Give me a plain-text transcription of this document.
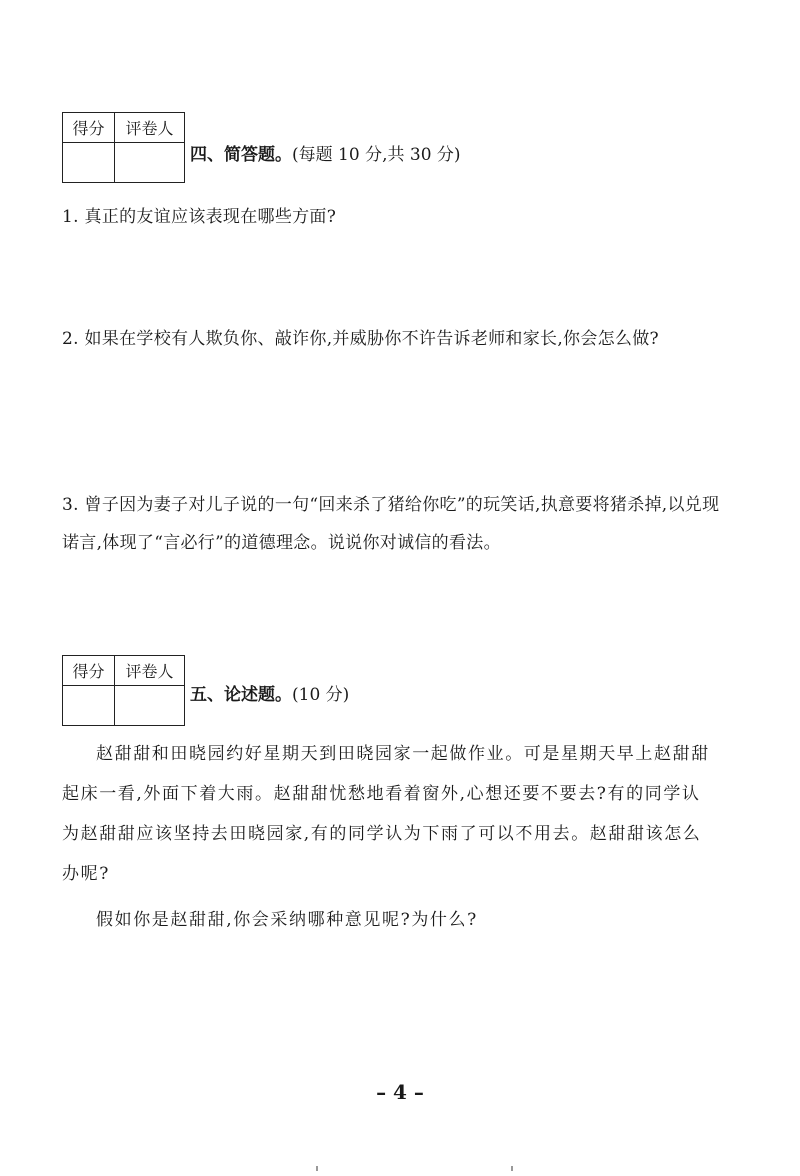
得分	评卷人

四、简答题。(每题 10 分,共 30 分)
1. 真正的友谊应该表现在哪些方面?
2. 如果在学校有人欺负你、敲诈你,并威胁你不许告诉老师和家长,你会怎么做?
3. 曾子因为妻子对儿子说的一句“回来杀了猪给你吃”的玩笑话,执意要将猪杀掉,以兑现诺言,体现了“言必行”的道德理念。说说你对诚信的看法。
得分	评卷人

五、论述题。(10 分)
赵甜甜和田晓园约好星期天到田晓园家一起做作业。可是星期天早上赵甜甜起床一看,外面下着大雨。赵甜甜忧愁地看着窗外,心想还要不要去?有的同学认为赵甜甜应该坚持去田晓园家,有的同学认为下雨了可以不用去。赵甜甜该怎么办呢?
假如你是赵甜甜,你会采纳哪种意见呢?为什么?
– 4 –
